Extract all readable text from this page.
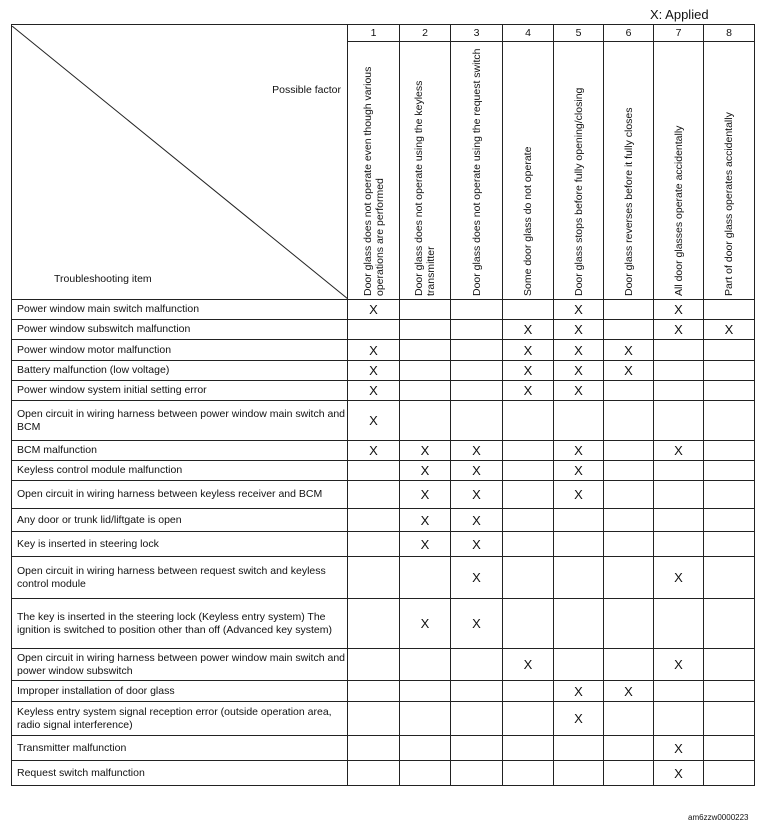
X: Applied
Possible factor
Troubleshooting item	1	2	3	4	5	6	7	8

	Door glass does not operate even though various operations are performed	Door glass does not operate using the keyless transmitter	Door glass does not operate using the request switch	Some door glass do not operate	Door glass stops before fully opening/closing	Door glass reverses before it fully closes	All door glasses operate accidentally	Part of door glass operates accidentally

Power window main switch malfunction	X				X		X	
Power window subswitch malfunction				X	X		X	X
Power window motor malfunction	X			X	X	X		
Battery malfunction (low voltage)	X			X	X	X		
Power window system initial setting error	X			X	X			
Open circuit in wiring harness between power window main switch and BCM	X							
BCM malfunction	X	X	X		X		X	
Keyless control module malfunction		X	X		X			
Open circuit in wiring harness between keyless receiver and BCM		X	X		X			
Any door or trunk lid/liftgate is open		X	X					
Key is inserted in steering lock		X	X					
Open circuit in wiring harness between request switch and keyless control module			X				X	
The key is inserted in the steering lock (Keyless entry system) The ignition is switched to position other than off (Advanced key system)		X	X					
Open circuit in wiring harness between power window main switch and power window subswitch				X			X	
Improper installation of door glass					X	X		
Keyless entry system signal reception error (outside operation area, radio signal interference)					X			
Transmitter malfunction							X	
Request switch malfunction							X	
am6zzw0000223
